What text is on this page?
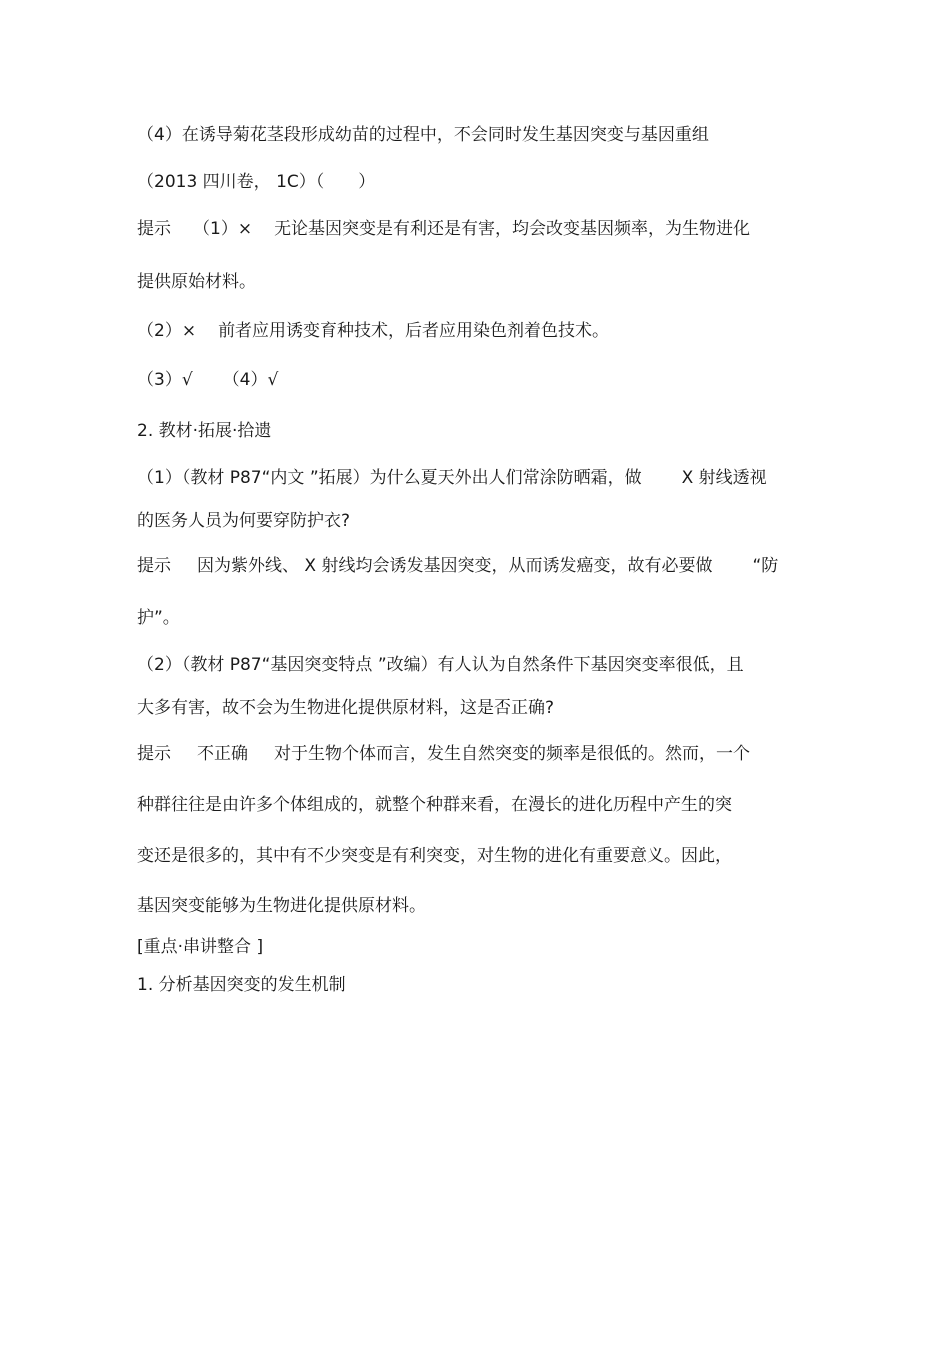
（4）在诱导菊花茎段形成幼苗的过程中，不会同时发生基因突变与基因重组
（2013 四川卷， 1C）（　　）
提示 （1）× 无论基因突变是有利还是有害，均会改变基因频率，为生物进化
提供原始材料。
（2）× 前者应用诱变育种技术，后者应用染色剂着色技术。
（3）√ （4）√
2. 教材·拓展·拾遗
（1）（教材 P87“内文 ”拓展）为什么夏天外出人们常涂防晒霜，做 X 射线透视
的医务人员为何要穿防护衣?
提示 因为紫外线、 X 射线均会诱发基因突变，从而诱发癌变，故有必要做 “防
护”。
（2）（教材 P87“基因突变特点 ”改编）有人认为自然条件下基因突变率很低，且
大多有害，故不会为生物进化提供原材料，这是否正确?
提示 不正确 对于生物个体而言，发生自然突变的频率是很低的。然而，一个
种群往往是由许多个体组成的，就整个种群来看，在漫长的进化历程中产生的突
变还是很多的，其中有不少突变是有利突变，对生物的进化有重要意义。因此，
基因突变能够为生物进化提供原材料。
[重点·串讲整合 ]
1. 分析基因突变的发生机制
